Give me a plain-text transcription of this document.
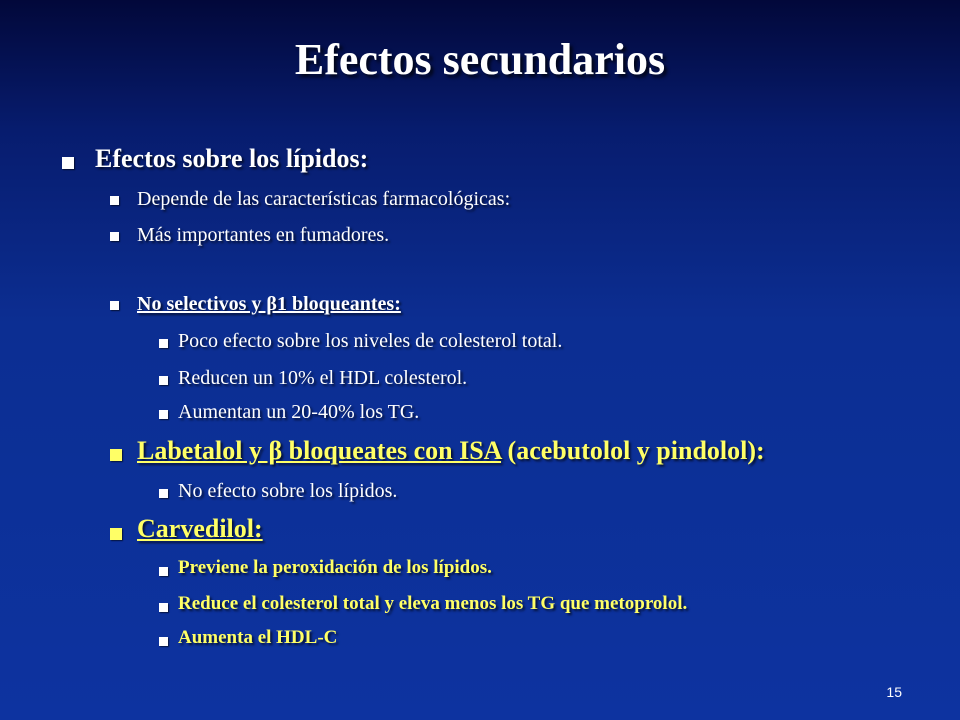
Efectos secundarios
Efectos sobre los lípidos:
Depende de las características farmacológicas:
Más importantes en fumadores.
No selectivos y β1 bloqueantes:
Poco efecto sobre los niveles de colesterol total.
Reducen un 10% el HDL colesterol.
Aumentan un 20-40% los TG.
Labetalol y β bloqueates con ISA (acebutolol y pindolol):
No efecto sobre los lípidos.
Carvedilol:
Previene la peroxidación de los lípidos.
Reduce el colesterol total y eleva menos los TG que metoprolol.
Aumenta el HDL-C
15
